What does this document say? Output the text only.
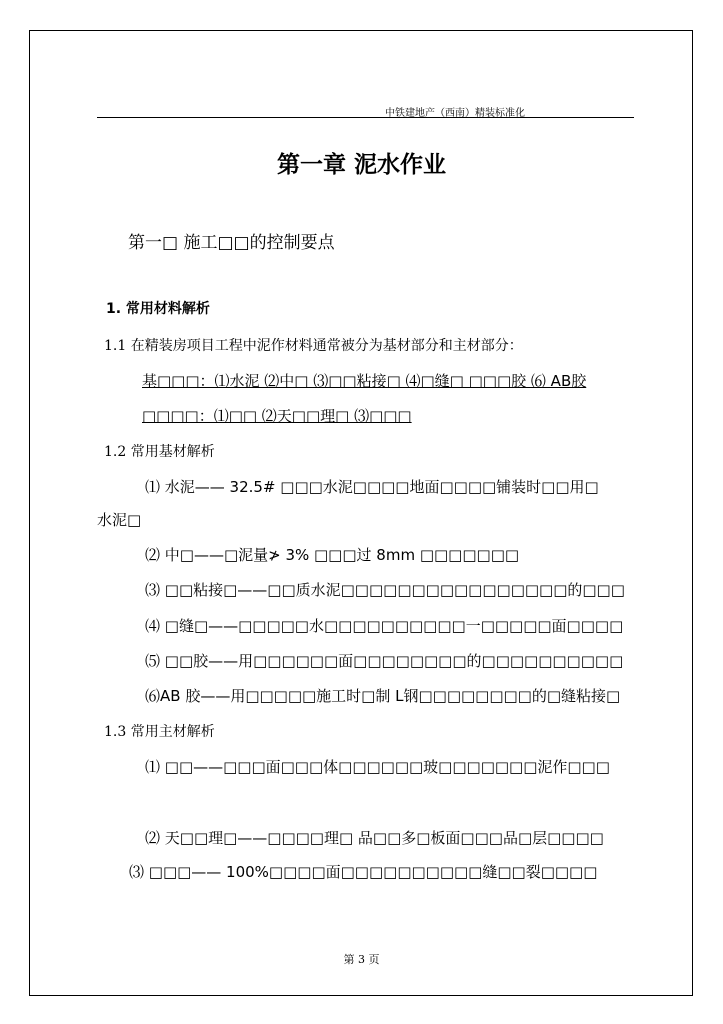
中铁建地产（西南）精装标准化
第一章 泥水作业
第一□ 施工□□的控制要点
1. 常用材料解析
1.1 在精装房项目工程中泥作材料通常被分为基材部分和主材部分：
基□□□：⑴水泥 ⑵中□ ⑶□□粘接□ ⑷□缝□ □□□胶 ⑹ AB胶
□□□□：⑴□□ ⑵天□□理□ ⑶□□□
1.2 常用基材解析
⑴ 水泥—— 32.5# □□□水泥□□□□地面□□□□铺装时□□用□
水泥□
⑵ 中□——□泥量≯ 3% □□□过 8mm □□□□□□□
⑶ □□粘接□——□□质水泥□□□□□□□□□□□□□□□□的□□□
⑷ □缝□——□□□□□水□□□□□□□□□□一□□□□□面□□□□
⑸ □□胶——用□□□□□□面□□□□□□□□的□□□□□□□□□□
⑹AB 胶——用□□□□□施工时□制 L钢□□□□□□□□的□缝粘接□
1.3 常用主材解析
⑴ □□——□□□面□□□体□□□□□□玻□□□□□□□泥作□□□
⑵ 天□□理□——□□□□理□ 品□□多□板面□□□品□层□□□□
⑶ □□□—— 100%□□□□面□□□□□□□□□□缝□□裂□□□□
第 3 页
